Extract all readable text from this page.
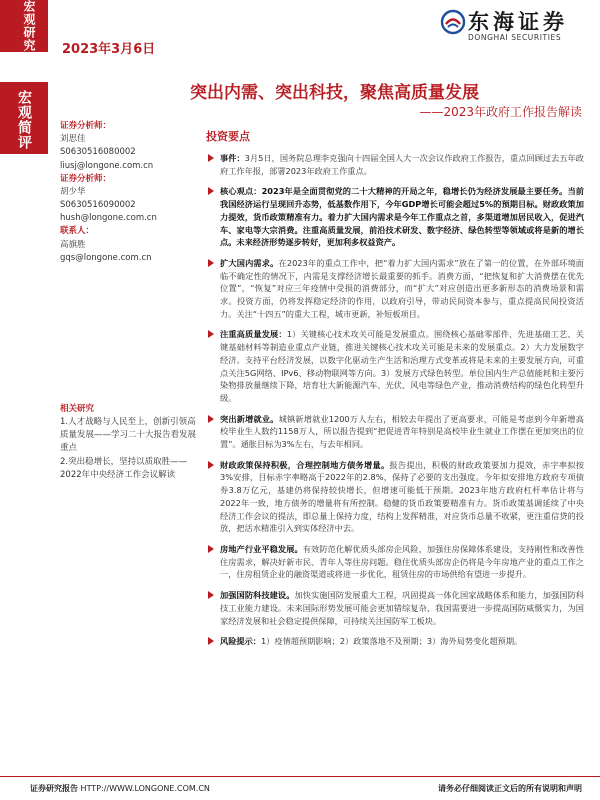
宏观研究 2023年3月6日
东海证券
DONGHAI SECURITIES
宏观简评	突出内需、突出科技，聚焦高质量发展
——2023年政府工作报告解读
证券分析师：
刘思佳
S0630516080002
liusj@longone.com.cn
证券分析师：
胡少华
S0630516090002
hush@longone.com.cn
联系人：
高旗胜
gqs@longone.com.cn
相关研究
1.人才战略与人民至上，创新引领高质量发展——学习二十大报告看发展重点
2.突出稳增长，坚持以质取胜——2022年中央经济工作会议解读
投资要点
事件：3月5日，国务院总理李克强向十四届全国人大一次会议作政府工作报告，重点回顾过去五年政府工作年报，部署2023年政府工作重点。
核心观点：2023年是全面贯彻党的二十大精神的开局之年，稳增长仍为经济发展最主要任务。当前我国经济运行呈现回升态势，低基数作用下，今年GDP增长可能会超过5%的预期目标。财政政策加力提效，货币政策精准有力。着力扩大国内需求是今年工作重点之首，多渠道增加居民收入，促进汽车、家电等大宗消费。注重高质量发展，前沿技术研发、数字经济、绿色转型等领域或将是新的增长点。未来经济形势逐步转好，更加利多权益资产。
扩大国内需求。在2023年的重点工作中，把“着力扩大国内需求”放在了第一的位置，在外部环境面临不确定性的情况下，内需是支撑经济增长最重要的抓手。消费方面，“把恢复和扩大消费摆在优先位置”，“恢复”对应三年疫情中受损的消费部分，而“扩大”对应创造出更多新形态的消费场景和需求。投资方面，仍将发挥稳定经济的作用，以政府引导，带动民间资本参与，重点提高民间投资活力。关注“十四五”的重大工程，城市更新，补短板项目。
注重高质量发展：1）关键核心技术攻关可能是发展重点。围绕核心基础零部件、先进基础工艺、关键基础材料等制造业重点产业链，推进关键核心技术攻关可能是未来的发展重点。2）大力发展数字经济。支持平台经济发展，以数字化驱动生产生活和治理方式变革或将是未来的主要发展方向，可重点关注5G网络、IPv6、移动物联网等方向。3）发展方式绿色转型。单位国内生产总值能耗和主要污染物排放量继续下降，培育壮大新能源汽车、光伏、风电等绿色产业，推动消费结构的绿色化转型升级。
突出新增就业。城镇新增就业1200万人左右，相较去年提出了更高要求，可能是考虑到今年新增高校毕业生人数约1158万人，所以报告提到“把促进青年特别是高校毕业生就业工作摆在更加突出的位置”。通胀目标为3%左右，与去年相同。
财政政策保持积极，合理控制地方债务增量。报告提出，积极的财政政策要加力提效，赤字率拟按3%安排，目标赤字率略高于2022年的2.8%，保持了必要的支出强度。今年拟安排地方政府专项债券3.8万亿元，基建仍将保持较快增长，但增速可能低于预期。2023年地方政府杠杆率估计将与2022年一致，地方债务的增量将有所控制。稳健的货币政策要精准有力。货币政策基调延续了中央经济工作会议的提法，即总量上保持力度，结构上发挥精准，对应货币总量不收紧，更注重信贷的投放，把活水精准引入到实体经济中去。
房地产行业平稳发展。有效防范化解优质头部房企风险，加强住房保障体系建设，支持刚性和改善性住房需求，解决好新市民、青年人等住房问题。稳住优质头部房企仍将是今年房地产业的重点工作之一，住房租赁企业的融资渠道或将进一步优化，租赁住房的市场供给有望进一步提升。
加强国防科技建设。加快实施国防发展重大工程，巩固提高一体化国家战略体系和能力，加强国防科技工业能力建设。未来国际形势发展可能会更加错综复杂，我国需要进一步提高国防威慑实力，为国家经济发展和社会稳定提供保障，可持续关注国防军工板块。
风险提示：1）疫情超预期影响；2）政策落地不及预期；3）海外局势变化超预期。
证券研究报告 HTTP://WWW.LONGONE.COM.CN	请务必仔细阅读正文后的所有说明和声明
